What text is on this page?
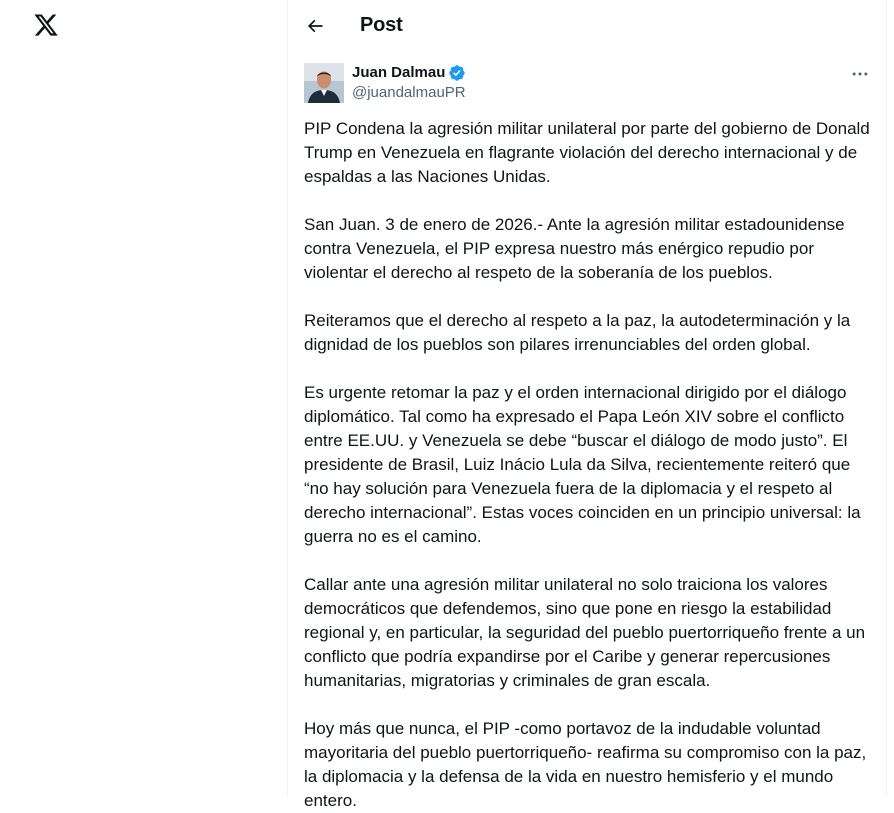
Post
Juan Dalmau
@juandalmauPR

PIP Condena la agresión militar unilateral por parte del gobierno de Donald Trump en Venezuela en flagrante violación del derecho internacional y de espaldas a las Naciones Unidas.

San Juan. 3 de enero de 2026.- Ante la agresión militar estadounidense contra Venezuela, el PIP expresa nuestro más enérgico repudio por violentar el derecho al respeto de la soberanía de los pueblos.

Reiteramos que el derecho al respeto a la paz, la autodeterminación y la dignidad de los pueblos son pilares irrenunciables del orden global.

Es urgente retomar la paz y el orden internacional dirigido por el diálogo diplomático. Tal como ha expresado el Papa León XIV sobre el conflicto entre EE.UU. y Venezuela se debe “buscar el diálogo de modo justo”. El presidente de Brasil, Luiz Inácio Lula da Silva, recientemente reiteró que “no hay solución para Venezuela fuera de la diplomacia y el respeto al derecho internacional”. Estas voces coinciden en un principio universal: la guerra no es el camino.

Callar ante una agresión militar unilateral no solo traiciona los valores democráticos que defendemos, sino que pone en riesgo la estabilidad regional y, en particular, la seguridad del pueblo puertorriqueño frente a un conflicto que podría expandirse por el Caribe y generar repercusiones humanitarias, migratorias y criminales de gran escala.

Hoy más que nunca, el PIP -como portavoz de la indudable voluntad mayoritaria del pueblo puertorriqueño- reafirma su compromiso con la paz, la diplomacia y la defensa de la vida en nuestro hemisferio y el mundo entero.
